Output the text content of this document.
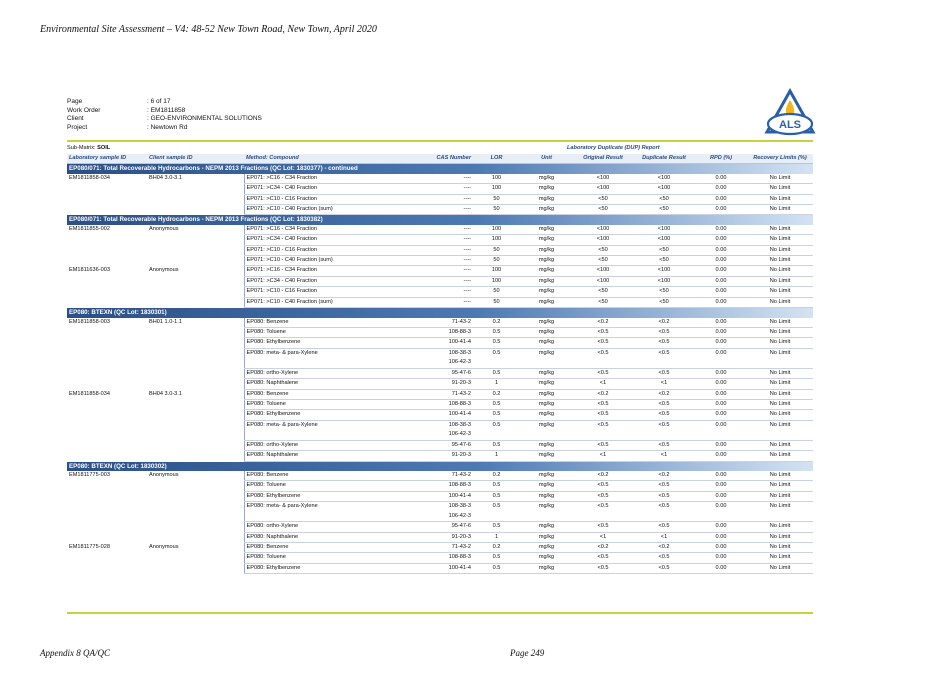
Environmental Site Assessment – V4: 48-52 New Town Road, New Town, April 2020
Page	: 6 of 17
Work Order	: EM1811858
Client	: GEO-ENVIRONMENTAL SOLUTIONS
Project	: Newtown Rd	ALS
Sub-Matrix: SOIL	Laboratory Duplicate (DUP) Report
Laboratory sample ID	Client sample ID	Method: Compound	CAS Number	LOR	Unit	Original Result	Duplicate Result	RPD (%)	Recovery Limits (%)
EP080/071: Total Recoverable Hydrocarbons - NEPM 2013 Fractions (QC Lot: 1830377) - continued									
EM1811858-034	BH04 3.0-3.1	EP071: >C16 - C34 Fraction	----	100	mg/kg	<100	<100	0.00	No Limit
		EP071: >C34 - C40 Fraction	----	100	mg/kg	<100	<100	0.00	No Limit
		EP071: >C10 - C16 Fraction	----	50	mg/kg	<50	<50	0.00	No Limit
		EP071: >C10 - C40 Fraction (sum)	----	50	mg/kg	<50	<50	0.00	No Limit
EP080/071: Total Recoverable Hydrocarbons - NEPM 2013 Fractions (QC Lot: 1830382)									
EM1811855-002	Anonymous	EP071: >C16 - C34 Fraction	----	100	mg/kg	<100	<100	0.00	No Limit
		EP071: >C34 - C40 Fraction	----	100	mg/kg	<100	<100	0.00	No Limit
		EP071: >C10 - C16 Fraction	----	50	mg/kg	<50	<50	0.00	No Limit
		EP071: >C10 - C40 Fraction (sum)	----	50	mg/kg	<50	<50	0.00	No Limit
EM1811636-003	Anonymous	EP071: >C16 - C34 Fraction	----	100	mg/kg	<100	<100	0.00	No Limit
		EP071: >C34 - C40 Fraction	----	100	mg/kg	<100	<100	0.00	No Limit
		EP071: >C10 - C16 Fraction	----	50	mg/kg	<50	<50	0.00	No Limit
		EP071: >C10 - C40 Fraction (sum)	----	50	mg/kg	<50	<50	0.00	No Limit
EP080: BTEXN (QC Lot: 1830301)									
EM1811858-003	BH01 1.0-1.1	EP080: Benzene	71-43-2	0.2	mg/kg	<0.2	<0.2	0.00	No Limit
		EP080: Toluene	108-88-3	0.5	mg/kg	<0.5	<0.5	0.00	No Limit
		EP080: Ethylbenzene	100-41-4	0.5	mg/kg	<0.5	<0.5	0.00	No Limit
		EP080: meta- & para-Xylene	108-38-3
106-42-3	0.5	mg/kg	<0.5	<0.5	0.00	No Limit
		EP080: ortho-Xylene	95-47-6	0.5	mg/kg	<0.5	<0.5	0.00	No Limit
		EP080: Naphthalene	91-20-3	1	mg/kg	<1	<1	0.00	No Limit
EM1811858-034	BH04 3.0-3.1	EP080: Benzene	71-43-2	0.2	mg/kg	<0.2	<0.2	0.00	No Limit
		EP080: Toluene	108-88-3	0.5	mg/kg	<0.5	<0.5	0.00	No Limit
		EP080: Ethylbenzene	100-41-4	0.5	mg/kg	<0.5	<0.5	0.00	No Limit
		EP080: meta- & para-Xylene	108-38-3
106-42-3	0.5	mg/kg	<0.5	<0.5	0.00	No Limit
		EP080: ortho-Xylene	95-47-6	0.5	mg/kg	<0.5	<0.5	0.00	No Limit
		EP080: Naphthalene	91-20-3	1	mg/kg	<1	<1	0.00	No Limit
EP080: BTEXN (QC Lot: 1830302)									
EM1811775-003	Anonymous	EP080: Benzene	71-43-2	0.2	mg/kg	<0.2	<0.2	0.00	No Limit
		EP080: Toluene	108-88-3	0.5	mg/kg	<0.5	<0.5	0.00	No Limit
		EP080: Ethylbenzene	100-41-4	0.5	mg/kg	<0.5	<0.5	0.00	No Limit
		EP080: meta- & para-Xylene	108-38-3
106-42-3	0.5	mg/kg	<0.5	<0.5	0.00	No Limit
		EP080: ortho-Xylene	95-47-6	0.5	mg/kg	<0.5	<0.5	0.00	No Limit
		EP080: Naphthalene	91-20-3	1	mg/kg	<1	<1	0.00	No Limit
EM1811775-028	Anonymous	EP080: Benzene	71-43-2	0.2	mg/kg	<0.2	<0.2	0.00	No Limit
		EP080: Toluene	108-88-3	0.5	mg/kg	<0.5	<0.5	0.00	No Limit
		EP080: Ethylbenzene	100-41-4	0.5	mg/kg	<0.5	<0.5	0.00	No Limit
Appendix 8 QA/QC	Page 249
